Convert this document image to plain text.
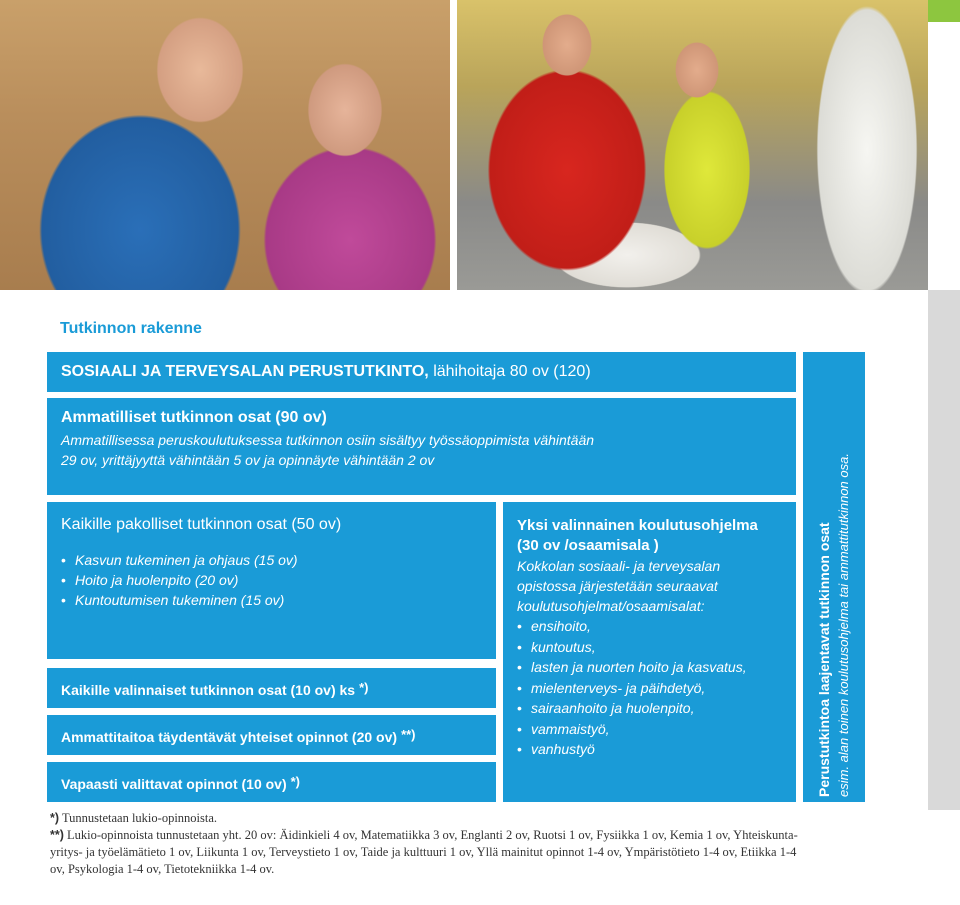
Tutkinnon rakenne
SOSIAALI JA TERVEYSALAN PERUSTUTKINTO, lähihoitaja 80 ov (120)
Ammatilliset tutkinnon osat (90 ov)
Ammatillisessa peruskoulutuksessa tutkinnon osiin sisältyy työssäoppimista vähintään
29 ov, yrittäjyyttä vähintään 5 ov ja opinnäyte vähintään 2 ov
Kaikille pakolliset tutkinnon osat (50 ov)
• Kasvun tukeminen ja ohjaus (15 ov)
• Hoito ja huolenpito (20 ov)
• Kuntoutumisen tukeminen (15 ov)
Kaikille valinnaiset tutkinnon osat (10 ov) ks *)
Ammattitaitoa täydentävät yhteiset opinnot (20 ov) **)
Vapaasti valittavat opinnot (10 ov) *)
Yksi valinnainen koulutusohjelma
(30 ov /osaamisala )
Kokkolan sosiaali- ja terveysalan
opistossa järjestetään seuraavat
koulutusohjelmat/osaamisalat:
• ensihoito,
• kuntoutus,
• lasten ja nuorten hoito ja kasvatus,
• mielenterveys- ja päihdetyö,
• sairaanhoito ja huolenpito,
• vammaistyö,
• vanhustyö	Perustutkintoa laajentavat tutkinnon osat esim. alan toinen koulutusohjelma tai ammattitutkinnon osa.
*) Tunnustetaan lukio-opinnoista.
**) Lukio-opinnoista tunnustetaan yht. 20 ov: Äidinkieli 4 ov, Matematiikka 3 ov, Englanti 2 ov, Ruotsi 1 ov, Fysiikka 1 ov, Kemia 1 ov, Yhteiskunta- yritys- ja työelämätieto 1 ov, Liikunta 1 ov, Terveystieto 1 ov, Taide ja kulttuuri 1 ov, Yllä mainitut opinnot 1-4 ov, Ympäristötieto 1-4 ov, Etiikka 1-4 ov, Psykologia 1-4 ov, Tietotekniikka 1-4 ov.
